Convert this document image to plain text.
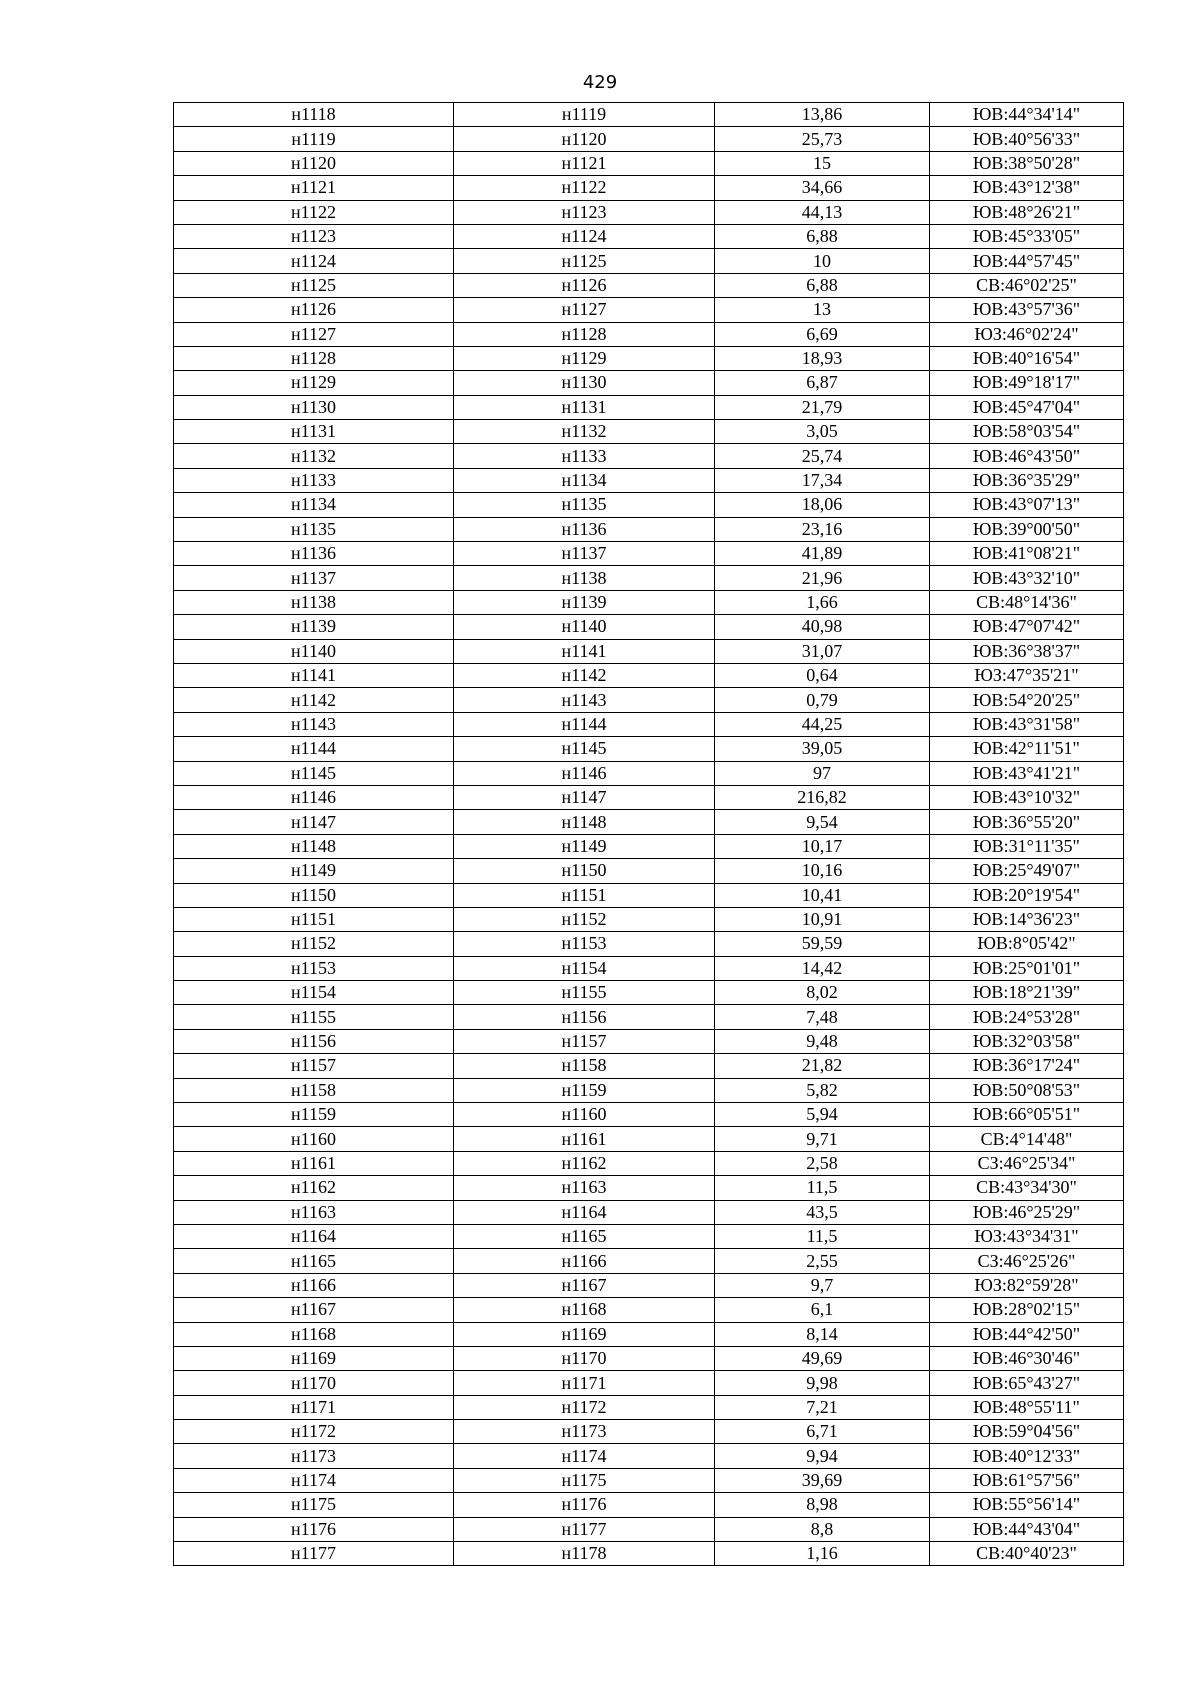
429
н1118	н1119	13,86	ЮВ:44°34'14"
н1119	н1120	25,73	ЮВ:40°56'33"
н1120	н1121	15	ЮВ:38°50'28"
н1121	н1122	34,66	ЮВ:43°12'38"
н1122	н1123	44,13	ЮВ:48°26'21"
н1123	н1124	6,88	ЮВ:45°33'05"
н1124	н1125	10	ЮВ:44°57'45"
н1125	н1126	6,88	СВ:46°02'25"
н1126	н1127	13	ЮВ:43°57'36"
н1127	н1128	6,69	ЮЗ:46°02'24"
н1128	н1129	18,93	ЮВ:40°16'54"
н1129	н1130	6,87	ЮВ:49°18'17"
н1130	н1131	21,79	ЮВ:45°47'04"
н1131	н1132	3,05	ЮВ:58°03'54"
н1132	н1133	25,74	ЮВ:46°43'50"
н1133	н1134	17,34	ЮВ:36°35'29"
н1134	н1135	18,06	ЮВ:43°07'13"
н1135	н1136	23,16	ЮВ:39°00'50"
н1136	н1137	41,89	ЮВ:41°08'21"
н1137	н1138	21,96	ЮВ:43°32'10"
н1138	н1139	1,66	СВ:48°14'36"
н1139	н1140	40,98	ЮВ:47°07'42"
н1140	н1141	31,07	ЮВ:36°38'37"
н1141	н1142	0,64	ЮЗ:47°35'21"
н1142	н1143	0,79	ЮВ:54°20'25"
н1143	н1144	44,25	ЮВ:43°31'58"
н1144	н1145	39,05	ЮВ:42°11'51"
н1145	н1146	97	ЮВ:43°41'21"
н1146	н1147	216,82	ЮВ:43°10'32"
н1147	н1148	9,54	ЮВ:36°55'20"
н1148	н1149	10,17	ЮВ:31°11'35"
н1149	н1150	10,16	ЮВ:25°49'07"
н1150	н1151	10,41	ЮВ:20°19'54"
н1151	н1152	10,91	ЮВ:14°36'23"
н1152	н1153	59,59	ЮВ:8°05'42"
н1153	н1154	14,42	ЮВ:25°01'01"
н1154	н1155	8,02	ЮВ:18°21'39"
н1155	н1156	7,48	ЮВ:24°53'28"
н1156	н1157	9,48	ЮВ:32°03'58"
н1157	н1158	21,82	ЮВ:36°17'24"
н1158	н1159	5,82	ЮВ:50°08'53"
н1159	н1160	5,94	ЮВ:66°05'51"
н1160	н1161	9,71	СВ:4°14'48"
н1161	н1162	2,58	СЗ:46°25'34"
н1162	н1163	11,5	СВ:43°34'30"
н1163	н1164	43,5	ЮВ:46°25'29"
н1164	н1165	11,5	ЮЗ:43°34'31"
н1165	н1166	2,55	СЗ:46°25'26"
н1166	н1167	9,7	ЮЗ:82°59'28"
н1167	н1168	6,1	ЮВ:28°02'15"
н1168	н1169	8,14	ЮВ:44°42'50"
н1169	н1170	49,69	ЮВ:46°30'46"
н1170	н1171	9,98	ЮВ:65°43'27"
н1171	н1172	7,21	ЮВ:48°55'11"
н1172	н1173	6,71	ЮВ:59°04'56"
н1173	н1174	9,94	ЮВ:40°12'33"
н1174	н1175	39,69	ЮВ:61°57'56"
н1175	н1176	8,98	ЮВ:55°56'14"
н1176	н1177	8,8	ЮВ:44°43'04"
н1177	н1178	1,16	СВ:40°40'23"
